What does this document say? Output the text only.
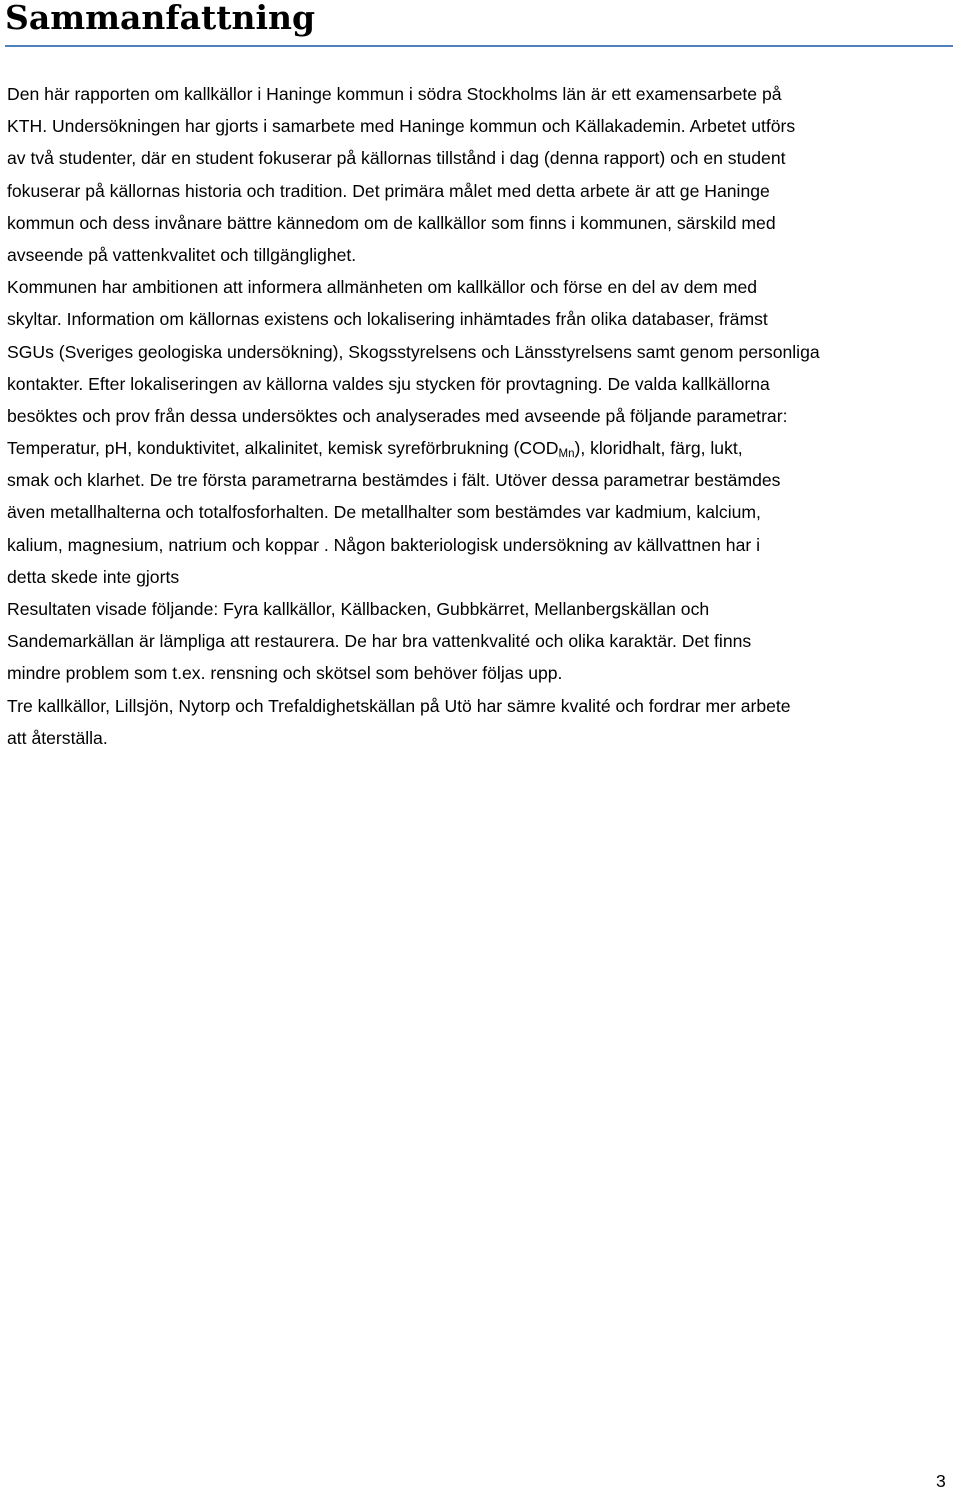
Sammanfattning
Den här rapporten om kallkällor i Haninge kommun i södra Stockholms län är ett examensarbete på
KTH. Undersökningen har gjorts i samarbete med Haninge kommun och Källakademin. Arbetet utförs
av två studenter, där en student fokuserar på källornas tillstånd i dag (denna rapport) och en student
fokuserar på källornas historia och tradition. Det primära målet med detta arbete är att ge Haninge
kommun och dess invånare bättre kännedom om de kallkällor som finns i kommunen, särskild med
avseende på vattenkvalitet och tillgänglighet.
Kommunen har ambitionen att informera allmänheten om kallkällor och förse en del av dem med
skyltar. Information om källornas existens och lokalisering inhämtades från olika databaser, främst
SGUs (Sveriges geologiska undersökning), Skogsstyrelsens och Länsstyrelsens samt genom personliga
kontakter. Efter lokaliseringen av källorna valdes sju stycken för provtagning. De valda kallkällorna
besöktes och prov från dessa undersöktes och analyserades med avseende på följande parametrar:
Temperatur, pH, konduktivitet, alkalinitet, kemisk syreförbrukning $(COD_{Mn})$, kloridhalt, färg, lukt,
smak och klarhet. De tre första parametrarna bestämdes i fält. Utöver dessa parametrar bestämdes
även metallhalterna och totalfosforhalten. De metallhalter som bestämdes var kadmium, kalcium,
kalium, magnesium, natrium och koppar . Någon bakteriologisk undersökning av källvattnen har i
detta skede inte gjorts
Resultaten visade följande: Fyra kallkällor, Källbacken, Gubbkärret, Mellanbergskällan och
Sandemarkällan är lämpliga att restaurera. De har bra vattenkvalité och olika karaktär. Det finns
mindre problem som t.ex. rensning och skötsel som behöver följas upp.
Tre kallkällor, Lillsjön, Nytorp och Trefaldighetskällan på Utö har sämre kvalité och fordrar mer arbete
att återställa.
3
